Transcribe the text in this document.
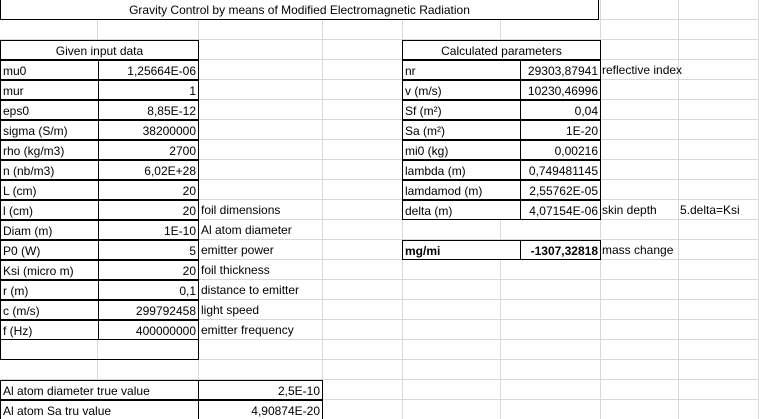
Gravity Control by means of Modified Electromagnetic Radiation
Given input data
mu0	1,25664E-06
mur	1
eps0	8,85E-12
sigma (S/m)	38200000
rho (kg/m3)	2700
n (nb/m3)	6,02E+28
L (cm)	20
l (cm)	20 foil dimensions
Diam (m)	1E-10 Al atom diameter
P0 (W)	5 emitter power
Ksi (micro m)	20 foil thickness
r (m)	0,1 distance to emitter
c (m/s)	299792458 light speed
f (Hz)	400000000 emitter frequency
Calculated parameters
nr	29303,87941 reflective index
v (m/s)	10230,46996
Sf (m²)	0,04
Sa (m²)	1E-20
mi0 (kg)	0,00216
lambda (m)	0,749481145
lamdamod (m)	2,55762E-05
delta (m)	4,07154E-06 skin depth	5.delta=Ksi
mg/mi	-1307,32818 mass change
Al atom diameter true value	2,5E-10
Al atom Sa tru value	4,90874E-20
